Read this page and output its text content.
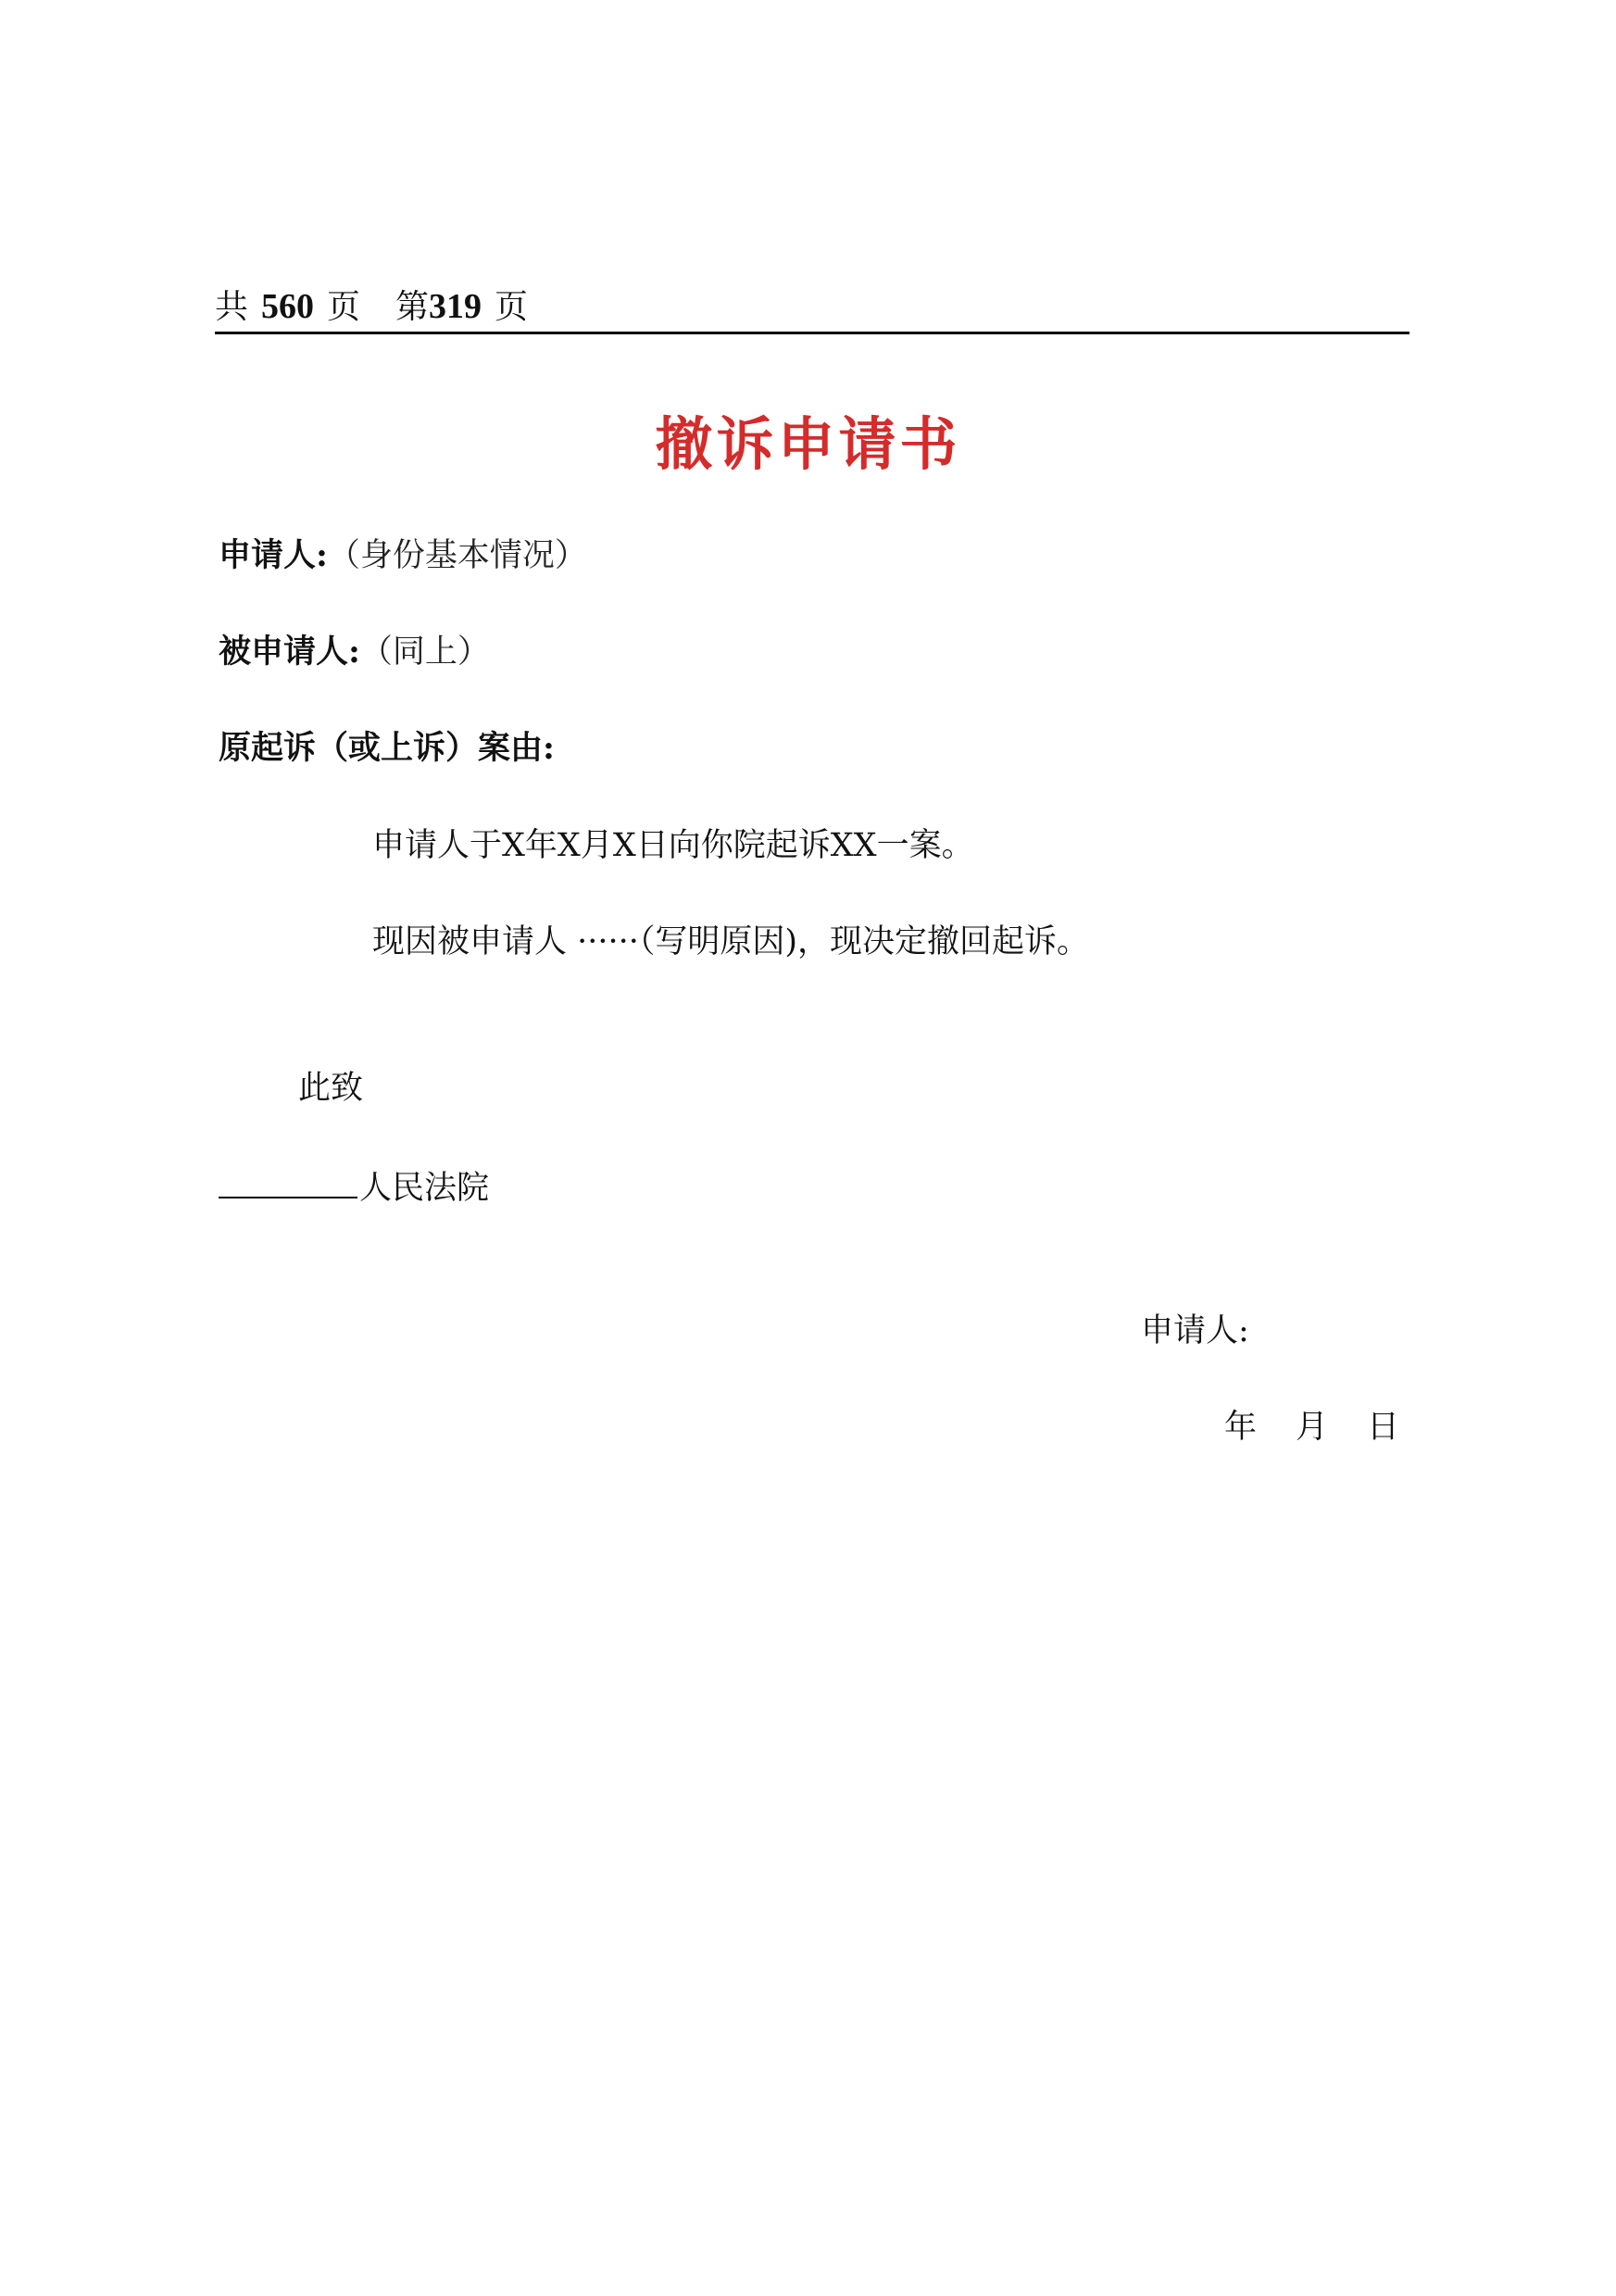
共 560 页 第319 页
撤诉申请书
申请人:（身份基本情况）
被申请人:（同上）
原起诉（或上诉）案由:
申请人于X年X月X日向你院起诉XX一案。
现因被申请人 ······（写明原因)，现决定撤回起诉。
此致
人民法院
申请人:
年 月 日
